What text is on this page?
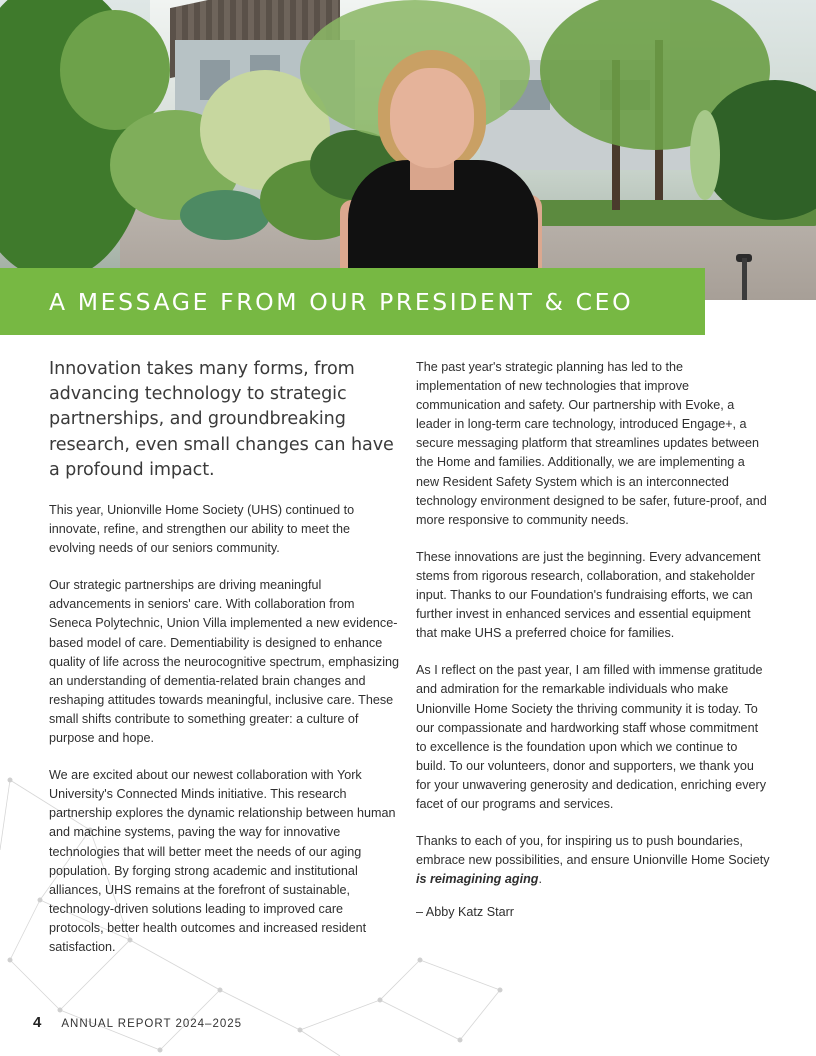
A MESSAGE FROM OUR PRESIDENT & CEO

Innovation takes many forms, from advancing technology to strategic partnerships, and groundbreaking research, even small changes can have a profound impact.

This year, Unionville Home Society (UHS) continued to innovate, refine, and strengthen our ability to meet the evolving needs of our seniors community.

Our strategic partnerships are driving meaningful advancements in seniors' care. With collaboration from Seneca Polytechnic, Union Villa implemented a new evidence-based model of care. Dementiability is designed to enhance quality of life across the neurocognitive spectrum, emphasizing an understanding of dementia-related brain changes and reshaping attitudes towards meaningful, inclusive care. These small shifts contribute to something greater: a culture of purpose and hope.

We are excited about our newest collaboration with York University's Connected Minds initiative. This research partnership explores the dynamic relationship between human and machine systems, paving the way for innovative technologies that will better meet the needs of our aging population. By forging strong academic and institutional alliances, UHS remains at the forefront of sustainable, technology-driven solutions leading to improved care protocols, better health outcomes and increased resident satisfaction.

The past year's strategic planning has led to the implementation of new technologies that improve communication and safety. Our partnership with Evoke, a leader in long-term care technology, introduced Engage+, a secure messaging platform that streamlines updates between the Home and families. Additionally, we are implementing a new Resident Safety System which is an interconnected technology environment designed to be safer, future-proof, and more responsive to community needs.

These innovations are just the beginning. Every advancement stems from rigorous research, collaboration, and stakeholder input. Thanks to our Foundation's fundraising efforts, we can further invest in enhanced services and essential equipment that make UHS a preferred choice for families.

As I reflect on the past year, I am filled with immense gratitude and admiration for the remarkable individuals who make Unionville Home Society the thriving community it is today. To our compassionate and hardworking staff whose commitment to excellence is the foundation upon which we continue to build. To our volunteers, donor and supporters, we thank you for your unwavering generosity and dedication, enriching every facet of our programs and services.

Thanks to each of you, for inspiring us to push boundaries, embrace new possibilities, and ensure Unionville Home Society is reimagining aging.

– Abby Katz Starr

4 ANNUAL REPORT 2024–2025
